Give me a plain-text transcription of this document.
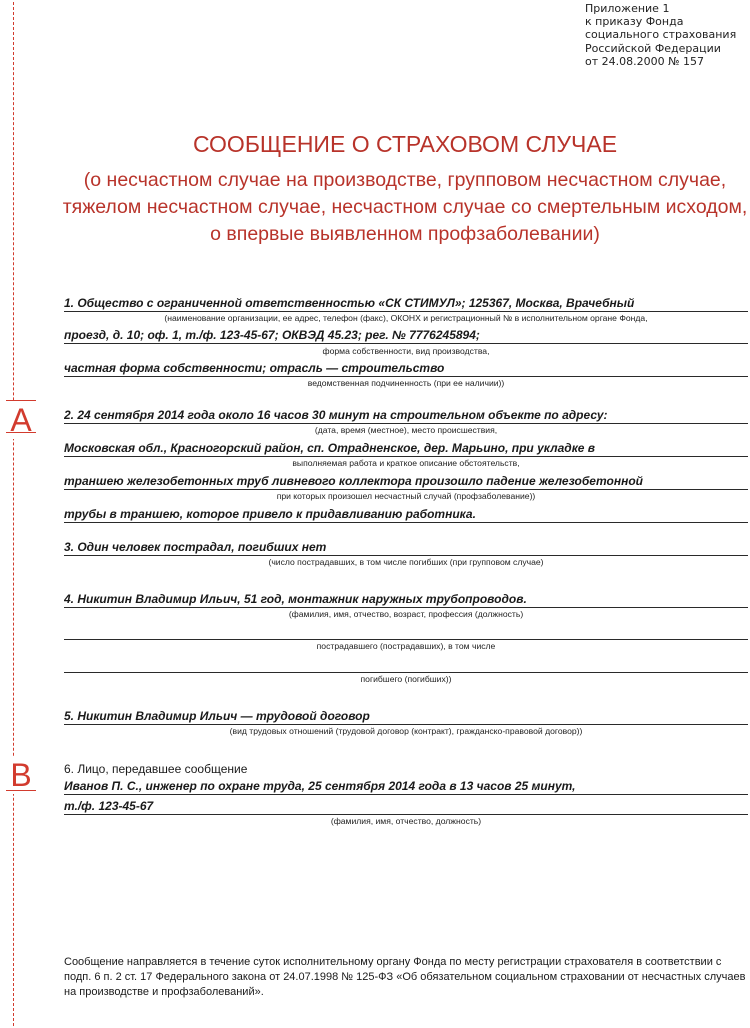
Приложение 1
к приказу Фонда
социального страхования
Российской Федерации
от 24.08.2000 № 157
А
В
СООБЩЕНИЕ О СТРАХОВОМ СЛУЧАЕ
(о несчастном случае на производстве, групповом несчастном случае,
тяжелом несчастном случае, несчастном случае со смертельным исходом,
о впервые выявленном профзаболевании)
1. Общество с ограниченной ответственностью «СК СТИМУЛ»; 125367, Москва, Врачебный
(наименование организации, ее адрес, телефон (факс), ОКОНХ и регистрационный № в исполнительном органе Фонда,
проезд, д. 10; оф. 1, т./ф. 123-45-67; ОКВЭД 45.23; рег. № 7776245894;
форма собственности, вид производства,
частная форма собственности; отрасль — строительство
ведомственная подчиненность (при ее наличии))
2. 24 сентября 2014 года около 16 часов 30 минут на строительном объекте по адресу:
(дата, время (местное), место происшествия,
Московская обл., Красногорский район, сп. Отрадненское, дер. Марьино, при укладке в
выполняемая работа и краткое описание обстоятельств,
траншею железобетонных труб ливневого коллектора произошло падение железобетонной
при которых произошел несчастный случай (профзаболевание))
трубы в траншею, которое привело к придавливанию работника.
3. Один человек пострадал, погибших нет
(число пострадавших, в том числе погибших (при групповом случае)
4. Никитин Владимир Ильич, 51 год, монтажник наружных трубопроводов.
(фамилия, имя, отчество, возраст, профессия (должность)
пострадавшего (пострадавших), в том числе
погибшего (погибших))
5. Никитин Владимир Ильич — трудовой договор
(вид трудовых отношений (трудовой договор (контракт), гражданско-правовой договор))
6. Лицо, передавшее сообщение
Иванов П. С., инженер по охране труда, 25 сентября 2014 года в 13 часов 25 минут,
т./ф. 123-45-67
(фамилия, имя, отчество, должность)
Сообщение направляется в течение суток исполнительному органу Фонда по месту регистрации страхователя в соответствии с подп. 6 п. 2 ст. 17 Федерального закона от 24.07.1998 № 125-ФЗ «Об обязательном социальном страховании от несчастных случаев на производстве и профзаболеваний».
